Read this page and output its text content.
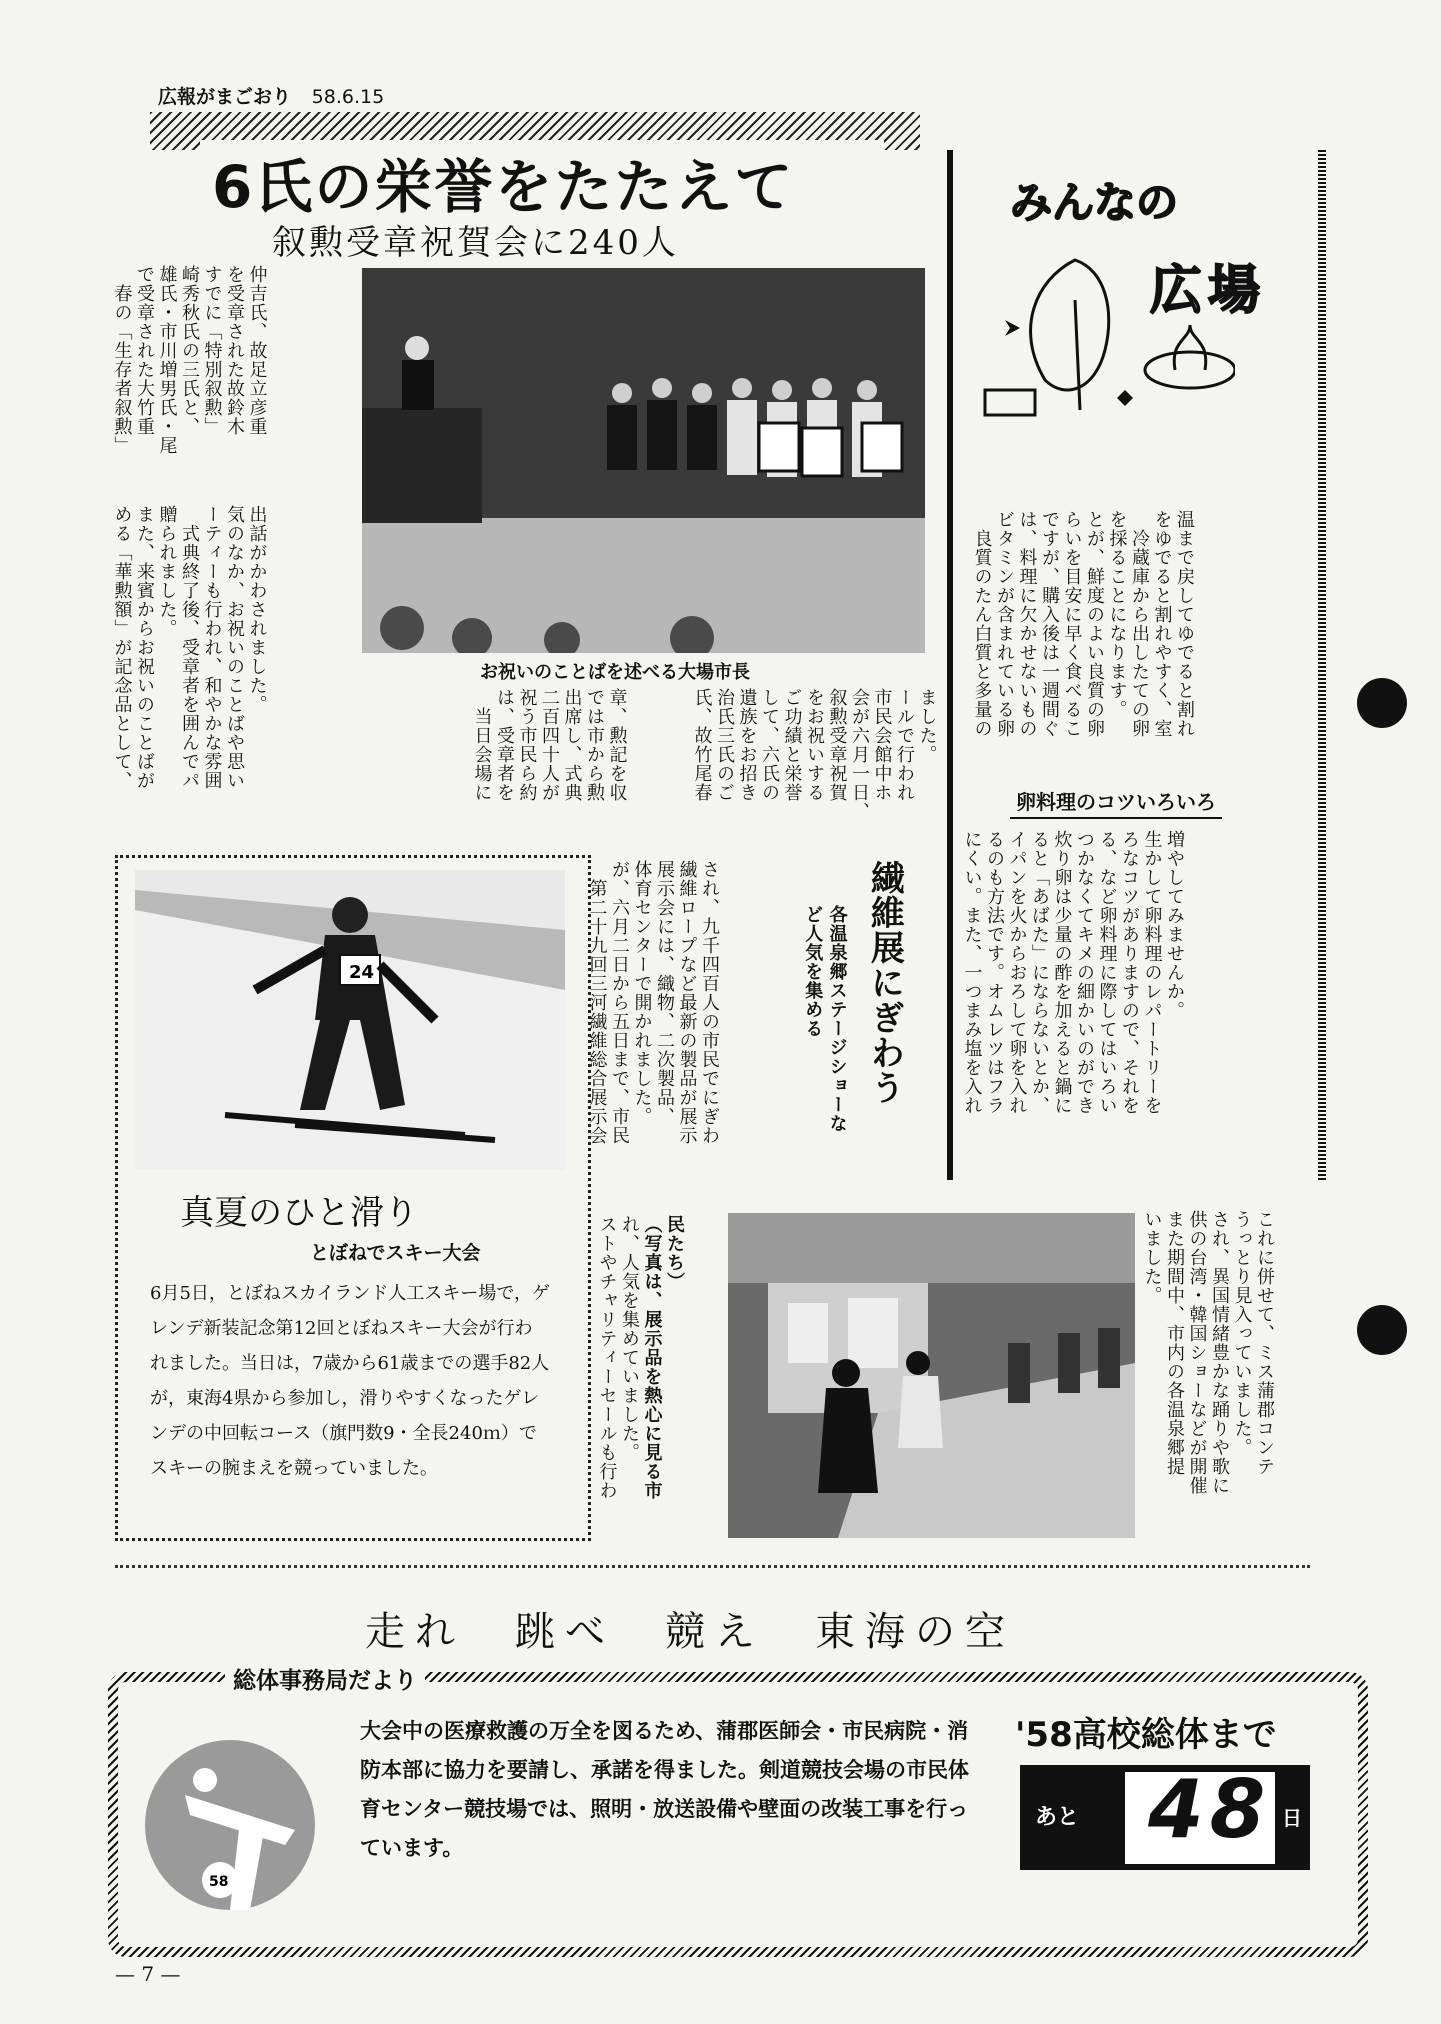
広報がまごおり 58.6.15
6氏の栄誉をたたえて
叙勲受章祝賀会に240人
仲吉氏、故足立彦重
を受章された故鈴木
すでに「特別叙勲」
崎秀秋氏の三氏と、
雄氏・市川増男氏・尾
で受章された大竹重
　春の「生存者叙勲」
出話がかわされました。
気のなか、お祝いのことばや思い
ーティーも行われ、和やかな雰囲
　式典終了後、受章者を囲んでパ
贈られました。
また、来賓からお祝いのことばが
める「華勲額」が記念品として、	お祝いのことばを述べる大場市長
章、勲記を収
では市から勲
出席し、式典
二百四十人が
祝う市民ら約
は、受章者を
　当日会場に	ました。
ールで行われ
市民会館中ホ
会が六月一日、
叙勲受章祝賀
をお祝いする
ご功績と栄誉
して、六氏の
遺族をお招き
治氏三氏のご
氏、故竹尾春
24
真夏のひと滑り
とぼねでスキー大会
6月5日，とぼねスカイランド人工スキー場で，ゲレンデ新装記念第12回とぼねスキー大会が行われました。当日は，7歳から61歳までの選手82人が，東海4県から参加し，滑りやすくなったゲレンデの中回転コース（旗門数9・全長240ｍ）でスキーの腕まえを競っていました。
繊維展にぎわう
各温泉郷ステージショーなど人気を集める
され、九千四百人の市民でにぎわ
繊維ロープなど最新の製品が展示
展示会には、織物、二次製品、
体育センターで開かれました。
が、六月二日から五日まで、市民
　第二十九回三河繊維総合展示会
民たち）
（写真は、展示品を熱心に見る市
れ、人気を集めていました。
ストやチャリティーセールも行わ	これに併せて、ミス蒲郡コンテ
うっとり見入っていました。
され、異国情緒豊かな踊りや歌に
供の台湾・韓国ショーなどが開催
また期間中、市内の各温泉郷提
いました。
みんなの
広場
温まで戻してゆでると割れ
をゆでると割れやすく、室
　冷蔵庫から出したての卵
を採ることになります。
とが、鮮度のよい良質の卵
らいを目安に早く食べるこ
ですが、購入後は一週間ぐ
は、料理に欠かせないもの
ビタミンが含まれている卵
　良質のたん白質と多量の
卵料理のコツいろいろ
増やしてみませんか。
生かして卵料理のレパートリーを
ろなコツがありますので、それを
る、など卵料理に際してはいろい
つかなくてキメの細かいのができ
炊り卵は少量の酢を加えると鍋に
ると「あばた」にならないとか、
イパンを火からおろして卵を入れ
るのも方法です。オムレツはフラ
にくい。また、一つまみ塩を入れ
走れ　跳べ　競え　東海の空
総体事務局だより
58
大会中の医療救護の万全を図るため、蒲郡医師会・市民病院・消防本部に協力を要請し、承諾を得ました。剣道競技会場の市民体育センター競技場では、照明・放送設備や壁面の改装工事を行っています。
'58高校総体まで
あと 48 日
— 7 —
